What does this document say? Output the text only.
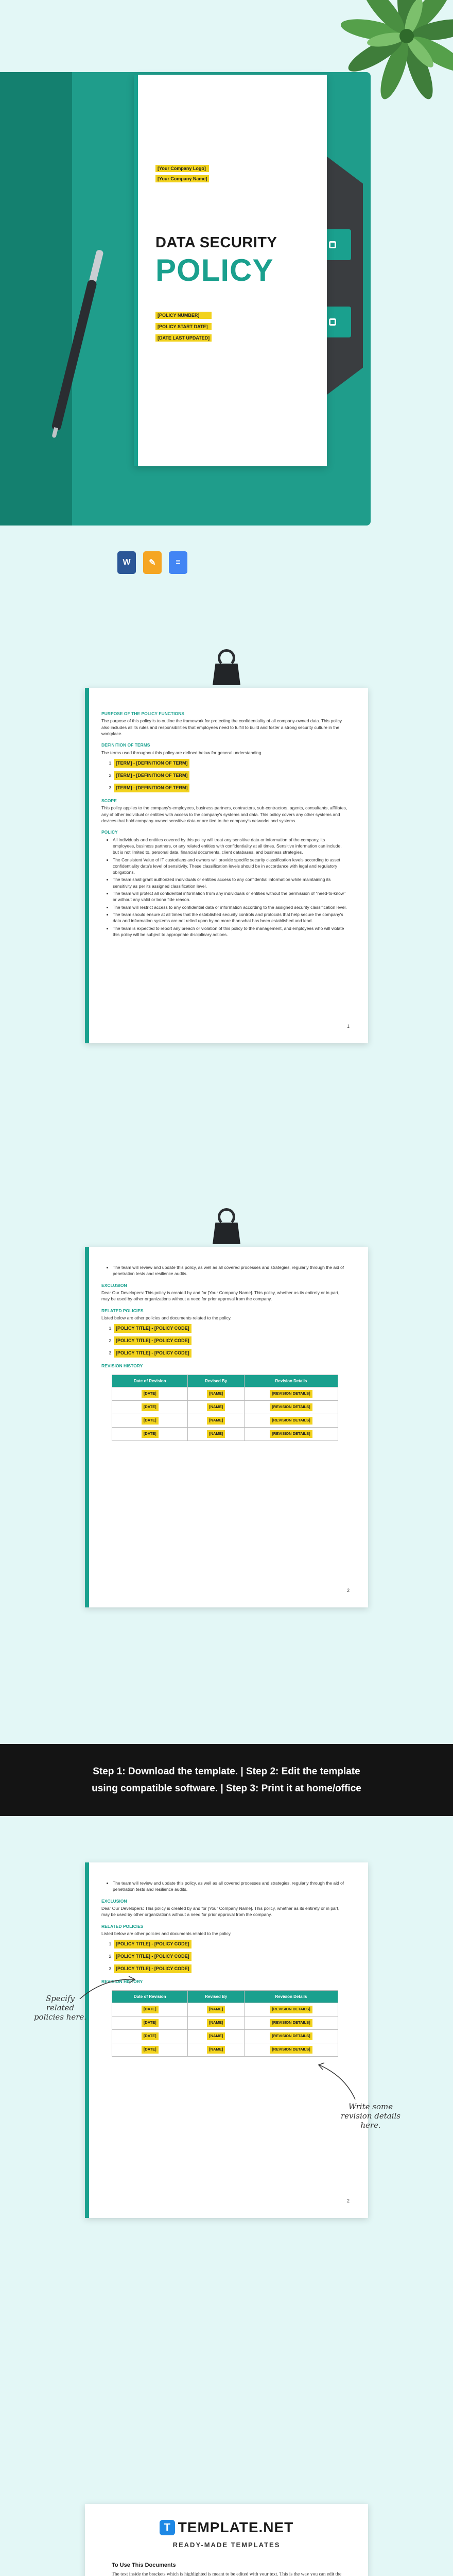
[Your Company Logo]
[Your Company Name]
DATA SECURITY
POLICY
[POLICY NUMBER]
[POLICY START DATE]
[DATE LAST UPDATED]
W	✎	≡
PURPOSE OF THE POLICY FUNCTIONS

The purpose of this policy is to outline the framework for protecting the confidentiality of all company-owned data. This policy also includes all its rules and responsibilities that employees need to fulfill to build and foster a strong security culture in the workplace.

DEFINITION OF TERMS

The terms used throughout this policy are defined below for general understanding.

1. [TERM] - [DEFINITION OF TERM]
2. [TERM] - [DEFINITION OF TERM]
3. [TERM] - [DEFINITION OF TERM]
SCOPE

This policy applies to the company's employees, business partners, contractors, sub-contractors, agents, consultants, affiliates, any of other individual or entities with access to the company's systems and data. This policy covers any other systems and devices that hold company-owned sensitive data or are tied to the company's networks and systems.

POLICY
• All individuals and entities covered by this policy will treat any sensitive data or information of the company, its employees, business partners, or any related entities with confidentiality at all times. Sensitive information can include, but is not limited to, personal data, financial documents, client databases, and business strategies.
• The Consistent Value of IT custodians and owners will provide specific security classification levels according to asset confidentiality data's level of sensitivity. These classification levels should be in accordance with legal and regulatory obligations.
• The team shall grant authorized individuals or entities access to any confidential information while maintaining its sensitivity as per its assigned classification level.
• The team will protect all confidential information from any individuals or entities without the permission of "need-to-know" or without any valid or bona fide reason.
• The team will restrict access to any confidential data or information according to the assigned security classification level.
• The team should ensure at all times that the established security controls and protocols that help secure the company's data and information systems are not relied upon by no more than what has been established and lead.
• The team is expected to report any breach or violation of this policy to the management, and employees who will violate this policy will be subject to appropriate disciplinary actions.
1
• The team will review and update this policy, as well as all covered processes and strategies, regularly through the aid of penetration tests and resilience audits.
EXCLUSION

Dear Our Developers: This policy is created by and for [Your Company Name]. This policy, whether as its entirety or in part, may be used by other organizations without a need for prior approval from the company.

RELATED POLICIES

Listed below are other policies and documents related to the policy.

1. [POLICY TITLE] - [POLICY CODE]
2. [POLICY TITLE] - [POLICY CODE]
3. [POLICY TITLE] - [POLICY CODE]
REVISION HISTORY
Date of Revision	Revised By	Revision Details
[DATE]	[NAME]	[REVISION DETAILS]
[DATE]	[NAME]	[REVISION DETAILS]
[DATE]	[NAME]	[REVISION DETAILS]
[DATE]	[NAME]	[REVISION DETAILS]
2
Step 1: Download the template. | Step 2: Edit the template
using compatible software. | Step 3: Print it at home/office
• The team will review and update this policy, as well as all covered processes and strategies, regularly through the aid of penetration tests and resilience audits.
EXCLUSION

Dear Our Developers: This policy is created by and for [Your Company Name]. This policy, whether as its entirety or in part, may be used by other organizations without a need for prior approval from the company.

RELATED POLICIES

Listed below are other policies and documents related to the policy.

1. [POLICY TITLE] - [POLICY CODE]
2. [POLICY TITLE] - [POLICY CODE]
3. [POLICY TITLE] - [POLICY CODE]
REVISION HISTORY
Date of Revision	Revised By	Revision Details
[DATE]	[NAME]	[REVISION DETAILS]
[DATE]	[NAME]	[REVISION DETAILS]
[DATE]	[NAME]	[REVISION DETAILS]
[DATE]	[NAME]	[REVISION DETAILS]
2
Specify related policies here.
Write some revision details here.
T TEMPLATE.NET
READY-MADE TEMPLATES
To Use This Documents

The text inside the brackets which is highlighted is meant to be edited with your text. This is the way you can edit the
